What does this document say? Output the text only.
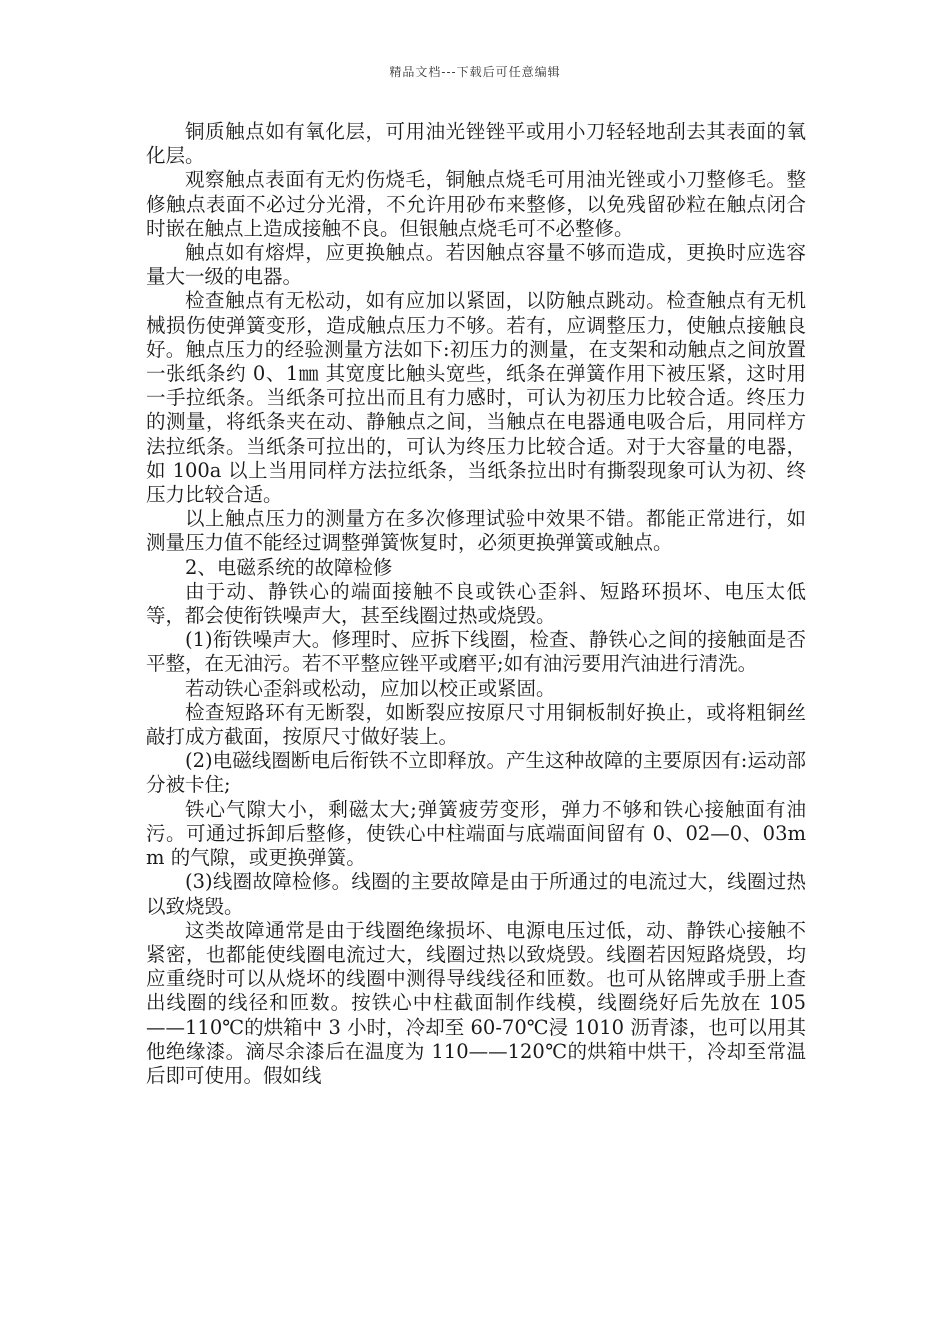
精品文档---下载后可任意编辑

铜质触点如有氧化层，可用油光锉锉平或用小刀轻轻地刮去其表面的氧化层。

观察触点表面有无灼伤烧毛，铜触点烧毛可用油光锉或小刀整修毛。整修触点表面不必过分光滑，不允许用砂布来整修，以免残留砂粒在触点闭合时嵌在触点上造成接触不良。但银触点烧毛可不必整修。

触点如有熔焊，应更换触点。若因触点容量不够而造成，更换时应选容量大一级的电器。

检查触点有无松动，如有应加以紧固，以防触点跳动。检查触点有无机械损伤使弹簧变形，造成触点压力不够。若有，应调整压力，使触点接触良好。触点压力的经验测量方法如下:初压力的测量，在支架和动触点之间放置一张纸条约 0、1㎜ 其宽度比触头宽些，纸条在弹簧作用下被压紧，这时用一手拉纸条。当纸条可拉出而且有力感时，可认为初压力比较合适。终压力的测量，将纸条夹在动、静触点之间，当触点在电器通电吸合后，用同样方法拉纸条。当纸条可拉出的，可认为终压力比较合适。对于大容量的电器，如 100a 以上当用同样方法拉纸条，当纸条拉出时有撕裂现象可认为初、终压力比较合适。

以上触点压力的测量方在多次修理试验中效果不错。都能正常进行，如测量压力值不能经过调整弹簧恢复时，必须更换弹簧或触点。

2、电磁系统的故障检修

由于动、静铁心的端面接触不良或铁心歪斜、短路环损坏、电压太低等，都会使衔铁噪声大，甚至线圈过热或烧毁。

(1)衔铁噪声大。修理时、应拆下线圈，检查、静铁心之间的接触面是否平整，在无油污。若不平整应锉平或磨平;如有油污要用汽油进行清洗。

若动铁心歪斜或松动，应加以校正或紧固。

检查短路环有无断裂，如断裂应按原尺寸用铜板制好换止，或将粗铜丝敲打成方截面，按原尺寸做好装上。

(2)电磁线圈断电后衔铁不立即释放。产生这种故障的主要原因有:运动部分被卡住;

铁心气隙大小，剩磁太大;弹簧疲劳变形，弹力不够和铁心接触面有油污。可通过拆卸后整修，使铁心中柱端面与底端面间留有 0、02—0、03mm 的气隙，或更换弹簧。

(3)线圈故障检修。线圈的主要故障是由于所通过的电流过大，线圈过热以致烧毁。

这类故障通常是由于线圈绝缘损坏、电源电压过低，动、静铁心接触不紧密，也都能使线圈电流过大，线圈过热以致烧毁。线圈若因短路烧毁，均应重绕时可以从烧坏的线圈中测得导线线径和匝数。也可从铭牌或手册上查出线圈的线径和匝数。按铁心中柱截面制作线模，线圈绕好后先放在 105——110℃的烘箱中 3 小时，冷却至 60-70℃浸 1010 沥青漆，也可以用其他绝缘漆。滴尽余漆后在温度为 110——120℃的烘箱中烘干，冷却至常温后即可使用。假如线
